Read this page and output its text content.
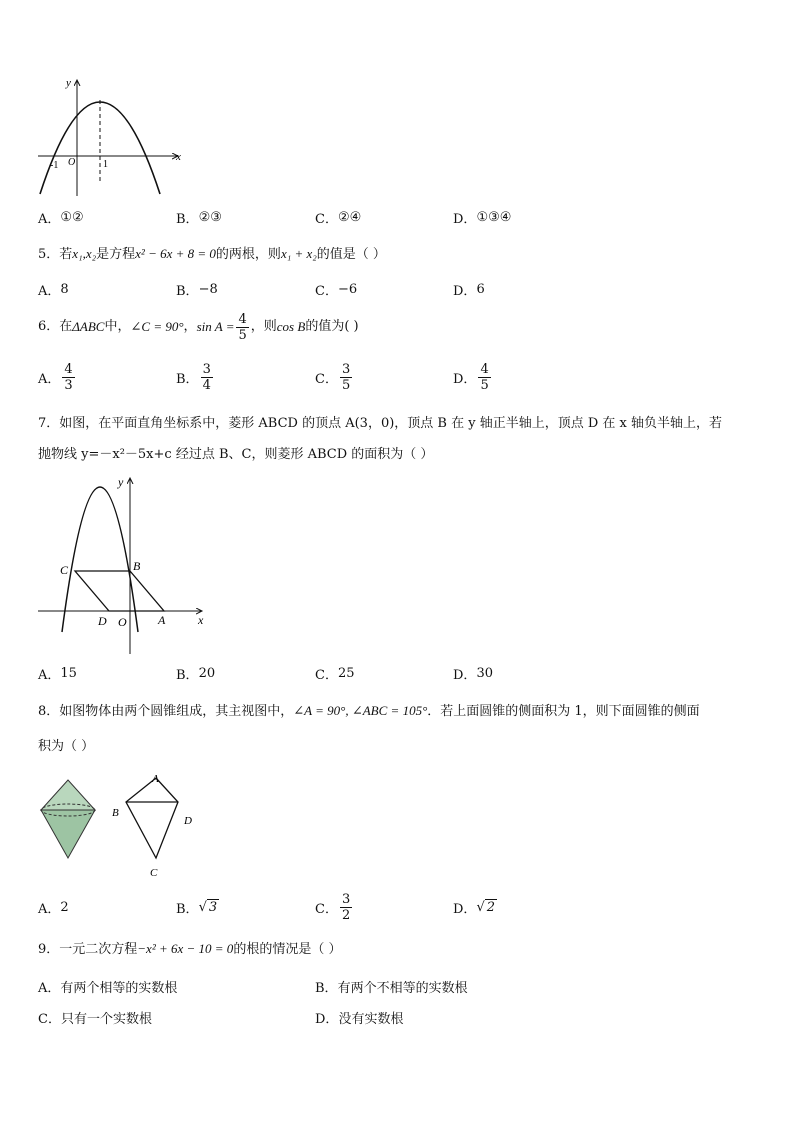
y
x
O
-1	1
A． ①②	B． ②③	C． ②④	D． ①③④
5．若x₁,x₂是方程x² − 6x + 8 = 0的两根，则x₁ + x₂的值是（ ）
A． 8	B． −8	C． −6	D． 6
6． 在 ΔABC 中， ∠C = 90° ， $\sin A = \frac{4}{5}$ ，则 cos B 的值为( )
A． $\frac{4}{3}$	B． $\frac{3}{4}$	C． $\frac{3}{5}$	D． $\frac{4}{5}$
7．如图，在平面直角坐标系中，菱形 ABCD 的顶点 A(3，0)，顶点 B 在 y 轴正半轴上，顶点 D 在 x 轴负半轴上，若
抛物线 y=－x²－5x+c 经过点 B、C，则菱形 ABCD 的面积为（ ）
y
x
C	B
D O	A
A． 15	B． 20	C． 25	D． 30
8．如图物体由两个圆锥组成，其主视图中，∠A = 90°, ∠ABC = 105°．若上面圆锥的侧面积为 1，则下面圆锥的侧面
积为（ ）
A
B
D
C
A． 2	B． √ 3	C． $\frac{3}{2}$	D． √ 2
9．一元二次方程−x² + 6x − 10 = 0的根的情况是（ ）
A． 有两个相等的实数根	B． 有两个不相等的实数根
C． 只有一个实数根	D． 没有实数根
